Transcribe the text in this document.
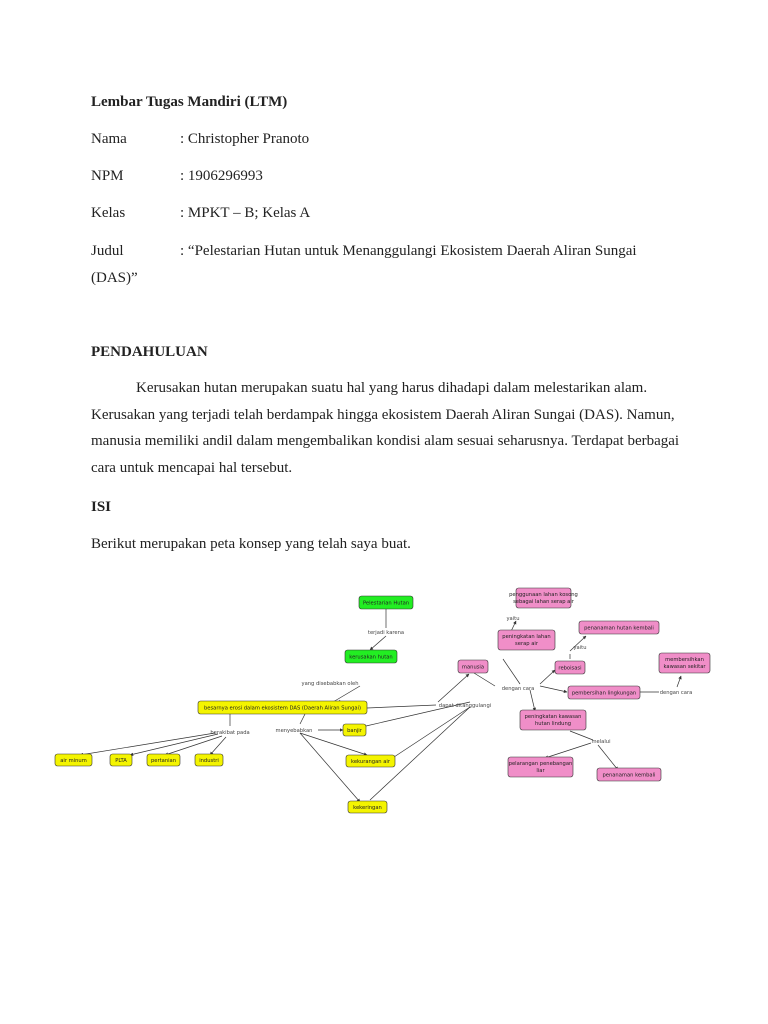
Lembar Tugas Mandiri (LTM)
Nama	: Christopher Pranoto
NPM	: 1906296993
Kelas	: MPKT – B; Kelas A
Judul	: “Pelestarian Hutan untuk Menanggulangi Ekosistem Daerah Aliran Sungai
(DAS)”
PENDAHULUAN

Kerusakan hutan merupakan suatu hal yang harus dihadapi dalam melestarikan alam. Kerusakan yang terjadi telah berdampak hingga ekosistem Daerah Aliran Sungai (DAS). Namun, manusia memiliki andil dalam mengembalikan kondisi alam sesuai seharusnya. Terdapat berbagai cara untuk mencapai hal tersebut.

ISI
Berikut merupakan peta konsep yang telah saya buat.
terjadi karena
yang disebabkan oleh
berakibat pada	menyebabkan
dapat ditanggulangi
dengan cara
dengan cara
yaitu
yaitu
melalui
Pelestarian Hutan
kerusakan hutan
besarnya erosi dalam ekosistem DAS (Daerah Aliran Sungai)
air minum	PLTA	pertanian	industri
banjir
kekurangan air
kekeringan
manusia
penggunaan lahan kosong
sebagai lahan serap air
peningkatan lahan
serap air
penanaman hutan kembali
reboisasi
membersihkan
kawasan sekitar
pembersihan lingkungan
peningkatan kawasan
hutan lindung
pelarangan penebangan
liar
penanaman kembali
